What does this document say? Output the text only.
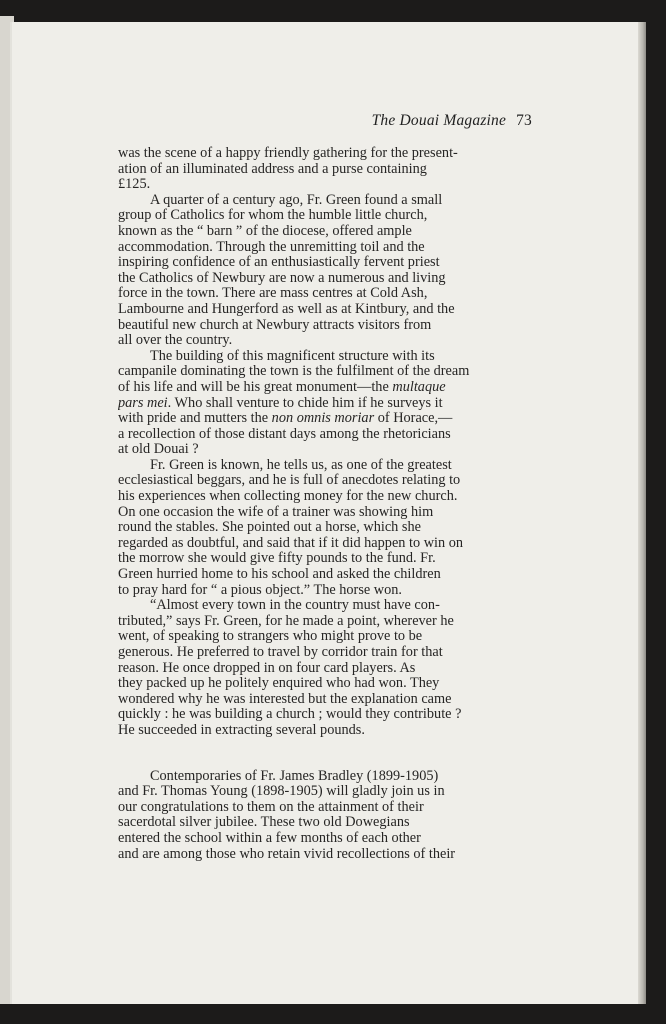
The Douai Magazine 73
was the scene of a happy friendly gathering for the present-
ation of an illuminated address and a purse containing
£125.
A quarter of a century ago, Fr. Green found a small
group of Catholics for whom the humble little church,
known as the “ barn ” of the diocese, offered ample
accommodation. Through the unremitting toil and the
inspiring confidence of an enthusiastically fervent priest
the Catholics of Newbury are now a numerous and living
force in the town. There are mass centres at Cold Ash,
Lambourne and Hungerford as well as at Kintbury, and the
beautiful new church at Newbury attracts visitors from
all over the country.
The building of this magnificent structure with its
campanile dominating the town is the fulfilment of the dream
of his life and will be his great monument—the multaque
pars mei. Who shall venture to chide him if he surveys it
with pride and mutters the non omnis moriar of Horace,—
a recollection of those distant days among the rhetoricians
at old Douai ?
Fr. Green is known, he tells us, as one of the greatest
ecclesiastical beggars, and he is full of anecdotes relating to
his experiences when collecting money for the new church.
On one occasion the wife of a trainer was showing him
round the stables. She pointed out a horse, which she
regarded as doubtful, and said that if it did happen to win on
the morrow she would give fifty pounds to the fund. Fr.
Green hurried home to his school and asked the children
to pray hard for “ a pious object.” The horse won.
“Almost every town in the country must have con-
tributed,” says Fr. Green, for he made a point, wherever he
went, of speaking to strangers who might prove to be
generous. He preferred to travel by corridor train for that
reason. He once dropped in on four card players. As
they packed up he politely enquired who had won. They
wondered why he was interested but the explanation came
quickly : he was building a church ; would they contribute ?
He succeeded in extracting several pounds.
Contemporaries of Fr. James Bradley (1899-1905)
and Fr. Thomas Young (1898-1905) will gladly join us in
our congratulations to them on the attainment of their
sacerdotal silver jubilee. These two old Dowegians
entered the school within a few months of each other
and are among those who retain vivid recollections of their
